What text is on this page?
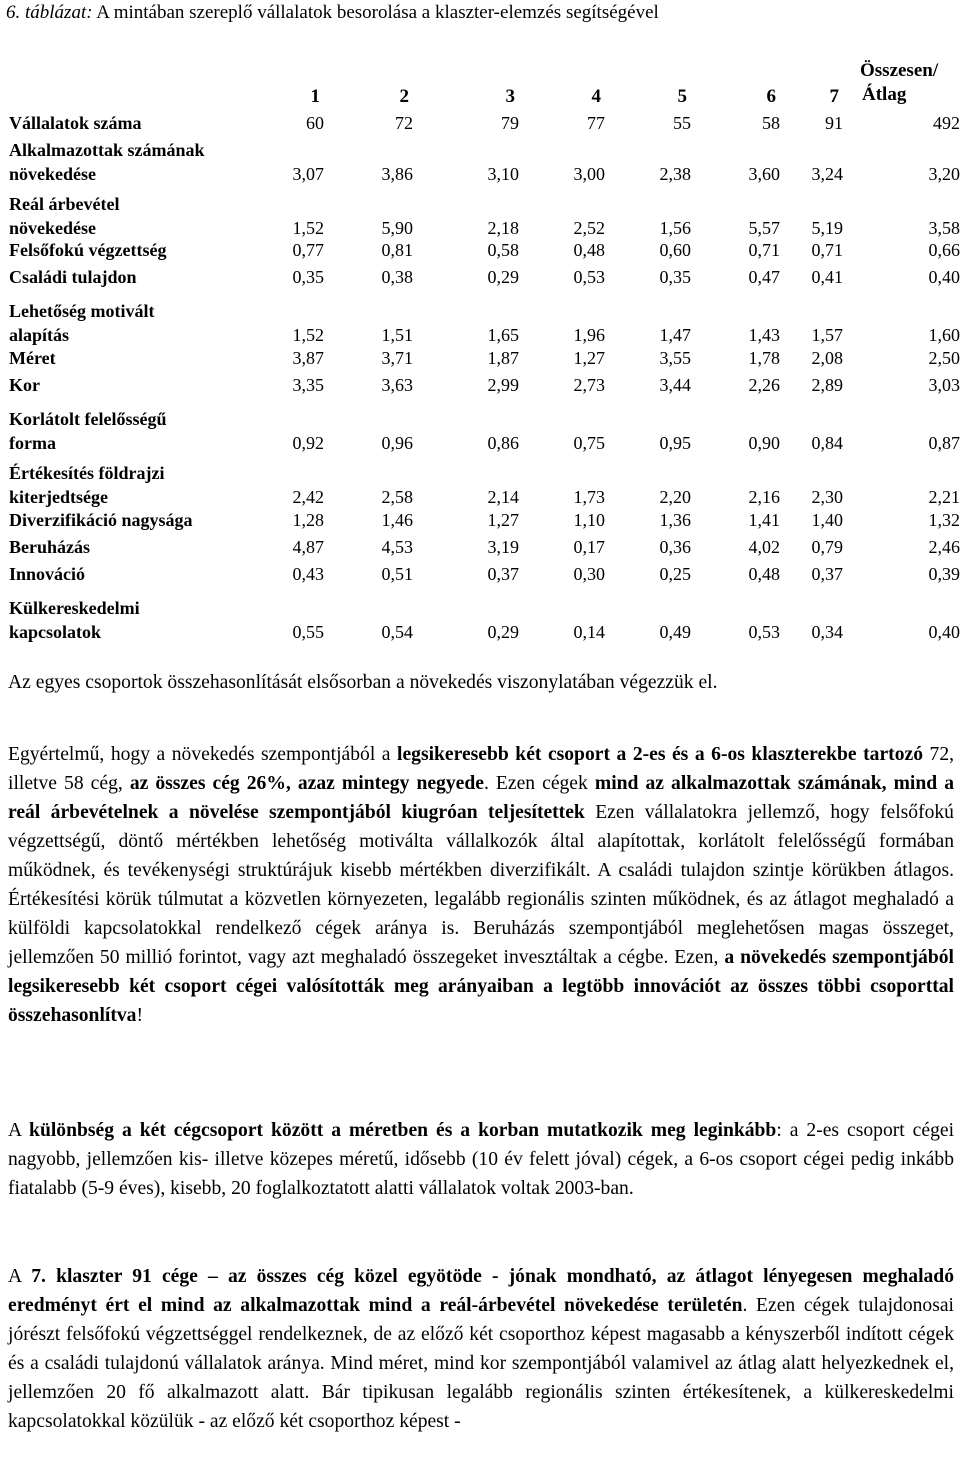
6. táblázat: A mintában szereplő vállalatok besorolása a klaszter-elemzés segítségével
1	2	3	4	5	6	7
Összesen/
Átlag
Vállalatok száma	60	72	79	77	55	58	91	492
Alkalmazottak számának
növekedése	3,07	3,86	3,10	3,00	2,38	3,60 3,24	3,20
Reál árbevétel
növekedése	1,52	5,90	2,18	2,52	1,56	5,57 5,19	3,58
Felsőfokú végzettség	0,77	0,81	0,58	0,48	0,60	0,71 0,71	0,66
Családi tulajdon	0,35	0,38	0,29	0,53	0,35	0,47 0,41	0,40
Lehetőség motivált
alapítás	1,52	1,51	1,65	1,96	1,47	1,43 1,57	1,60
Méret	3,87	3,71	1,87	1,27	3,55	1,78 2,08	2,50
Kor	3,35	3,63	2,99	2,73	3,44	2,26 2,89	3,03
Korlátolt felelősségű
forma	0,92	0,96	0,86	0,75	0,95	0,90 0,84	0,87
Értékesítés földrajzi
kiterjedtsége	2,42	2,58	2,14	1,73	2,20	2,16 2,30	2,21
Diverzifikáció nagysága	1,28	1,46	1,27	1,10	1,36	1,41 1,40	1,32
Beruházás	4,87	4,53	3,19	0,17	0,36	4,02 0,79	2,46
Innováció	0,43	0,51	0,37	0,30	0,25	0,48 0,37	0,39
Külkereskedelmi
kapcsolatok	0,55	0,54	0,29	0,14	0,49	0,53 0,34	0,40

Az egyes csoportok összehasonlítását elsősorban a növekedés viszonylatában végezzük el.

Egyértelmű, hogy a növekedés szempontjából a legsikeresebb két csoport a 2-es és a 6-os klaszterekbe tartozó 72, illetve 58 cég, az összes cég 26%, azaz mintegy negyede. Ezen cégek mind az alkalmazottak számának, mind a reál árbevételnek a növelése szempontjából kiugróan teljesítettek Ezen vállalatokra jellemző, hogy felsőfokú végzettségű, döntő mértékben lehetőség motiválta vállalkozók által alapítottak, korlátolt felelősségű formában működnek, és tevékenységi struktúrájuk kisebb mértékben diverzifikált. A családi tulajdon szintje körükben átlagos. Értékesítési körük túlmutat a közvetlen környezeten, legalább regionális szinten működnek, és az átlagot meghaladó a külföldi kapcsolatokkal rendelkező cégek aránya is. Beruházás szempontjából meglehetősen magas összeget, jellemzően 50 millió forintot, vagy azt meghaladó összegeket invesztáltak a cégbe. Ezen, a növekedés szempontjából legsikeresebb két csoport cégei valósították meg arányaiban a legtöbb innovációt az összes többi csoporttal összehasonlítva!

A különbség a két cégcsoport között a méretben és a korban mutatkozik meg leginkább: a 2-es csoport cégei nagyobb, jellemzően kis- illetve közepes méretű, idősebb (10 év felett jóval) cégek, a 6-os csoport cégei pedig inkább fiatalabb (5-9 éves), kisebb, 20 foglalkoztatott alatti vállalatok voltak 2003-ban.

A 7. klaszter 91 cége – az összes cég közel egyötöde - jónak mondható, az átlagot lényegesen meghaladó eredményt ért el mind az alkalmazottak mind a reál-árbevétel növekedése területén. Ezen cégek tulajdonosai jórészt felsőfokú végzettséggel rendelkeznek, de az előző két csoporthoz képest magasabb a kényszerből indított cégek és a családi tulajdonú vállalatok aránya. Mind méret, mind kor szempontjából valamivel az átlag alatt helyezkednek el, jellemzően 20 fő alkalmazott alatt. Bár tipikusan legalább regionális szinten értékesítenek, a külkereskedelmi kapcsolatokkal közülük - az előző két csoporthoz képest -
